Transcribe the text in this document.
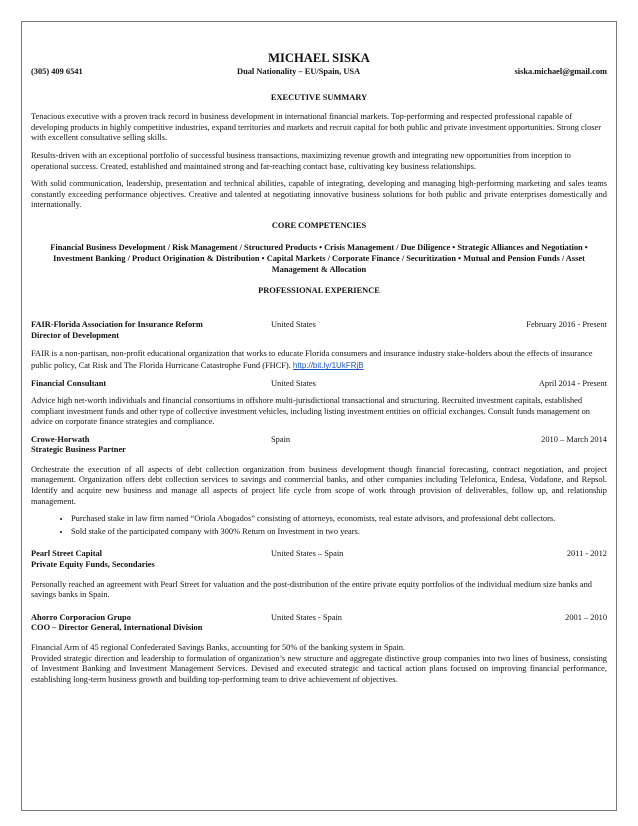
MICHAEL SISKA
(305) 409 6541	Dual Nationality – EU/Spain, USA	siska.michael@gmail.com
EXECUTIVE SUMMARY

Tenacious executive with a proven track record in business development in international financial markets. Top-performing and respected professional capable of developing products in highly competitive industries, expand territories and markets and recruit capital for both public and private investment opportunities. Strong closer with excellent consultative selling skills.

Results-driven with an exceptional portfolio of successful business transactions, maximizing revenue growth and integrating new opportunities from inception to operational success. Created, established and maintained strong and far-reaching contact base, cultivating key business relationships.

With solid communication, leadership, presentation and technical abilities, capable of integrating, developing and managing high-performing marketing and sales teams constantly exceeding performance objectives. Creative and talented at negotiating innovative business solutions for both public and private enterprises domestically and internationally.

CORE COMPETENCIES
Financial Business Development / Risk Management / Structured Products • Crisis Management / Due Diligence • Strategic Alliances and Negotiation • Investment Banking / Product Origination & Distribution • Capital Markets / Corporate Finance / Securitization • Mutual and Pension Funds / Asset Management & Allocation
PROFESSIONAL EXPERIENCE
FAIR-Florida Association for Insurance Reform	United States	February 2016 - Present
Director of Development

FAIR is a non-partisan, non-profit educational organization that works to educate Florida consumers and insurance industry stake-holders about the effects of insurance public policy, Cat Risk and The Florida Hurricane Catastrophe Fund (FHCF). http://bit.ly/1UkFRjB

Financial Consultant	United States	April 2014 - Present

Advice high net-worth individuals and financial consortiums in offshore multi-jurisdictional transactional and structuring. Recruited investment capitals, established compliant investment funds and other type of collective investment vehicles, including listing investment entities on official exchanges. Consult funds management on advice on corporate finance strategies and compliance.

Crowe-Horwath	Spain	2010 – March 2014
Strategic Business Partner

Orchestrate the execution of all aspects of debt collection organization from business development though financial forecasting, contract negotiation, and project management. Organization offers debt collection services to savings and commercial banks, and other companies including Telefonica, Endesa, Vodafone, and Repsol. Identify and acquire new business and manage all aspects of project life cycle from scope of work through provision of deliverables, follow up, and relationship management.

• Purchased stake in law firm named “Oriola Abogados” consisting of attorneys, economists, real estate advisors, and professional debt collectors.
• Sold stake of the participated company with 300% Return on Investment in two years.
Pearl Street Capital	United States – Spain	2011 - 2012
Private Equity Funds, Secondaries

Personally reached an agreement with Pearl Street for valuation and the post-distribution of the entire private equity portfolios of the individual medium size banks and savings banks in Spain.

Ahorro Corporacion Grupo	United States - Spain	2001 – 2010
COO – Director General, International Division

Financial Arm of 45 regional Confederated Savings Banks, accounting for 50% of the banking system in Spain.

Provided strategic direction and leadership to formulation of organization’s new structure and aggregate distinctive group companies into two lines of business, consisting of Investment Banking and Investment Management Services. Devised and executed strategic and tactical action plans focused on improving financial performance, establishing long-term business growth and building top-performing team to drive achievement of objectives.
